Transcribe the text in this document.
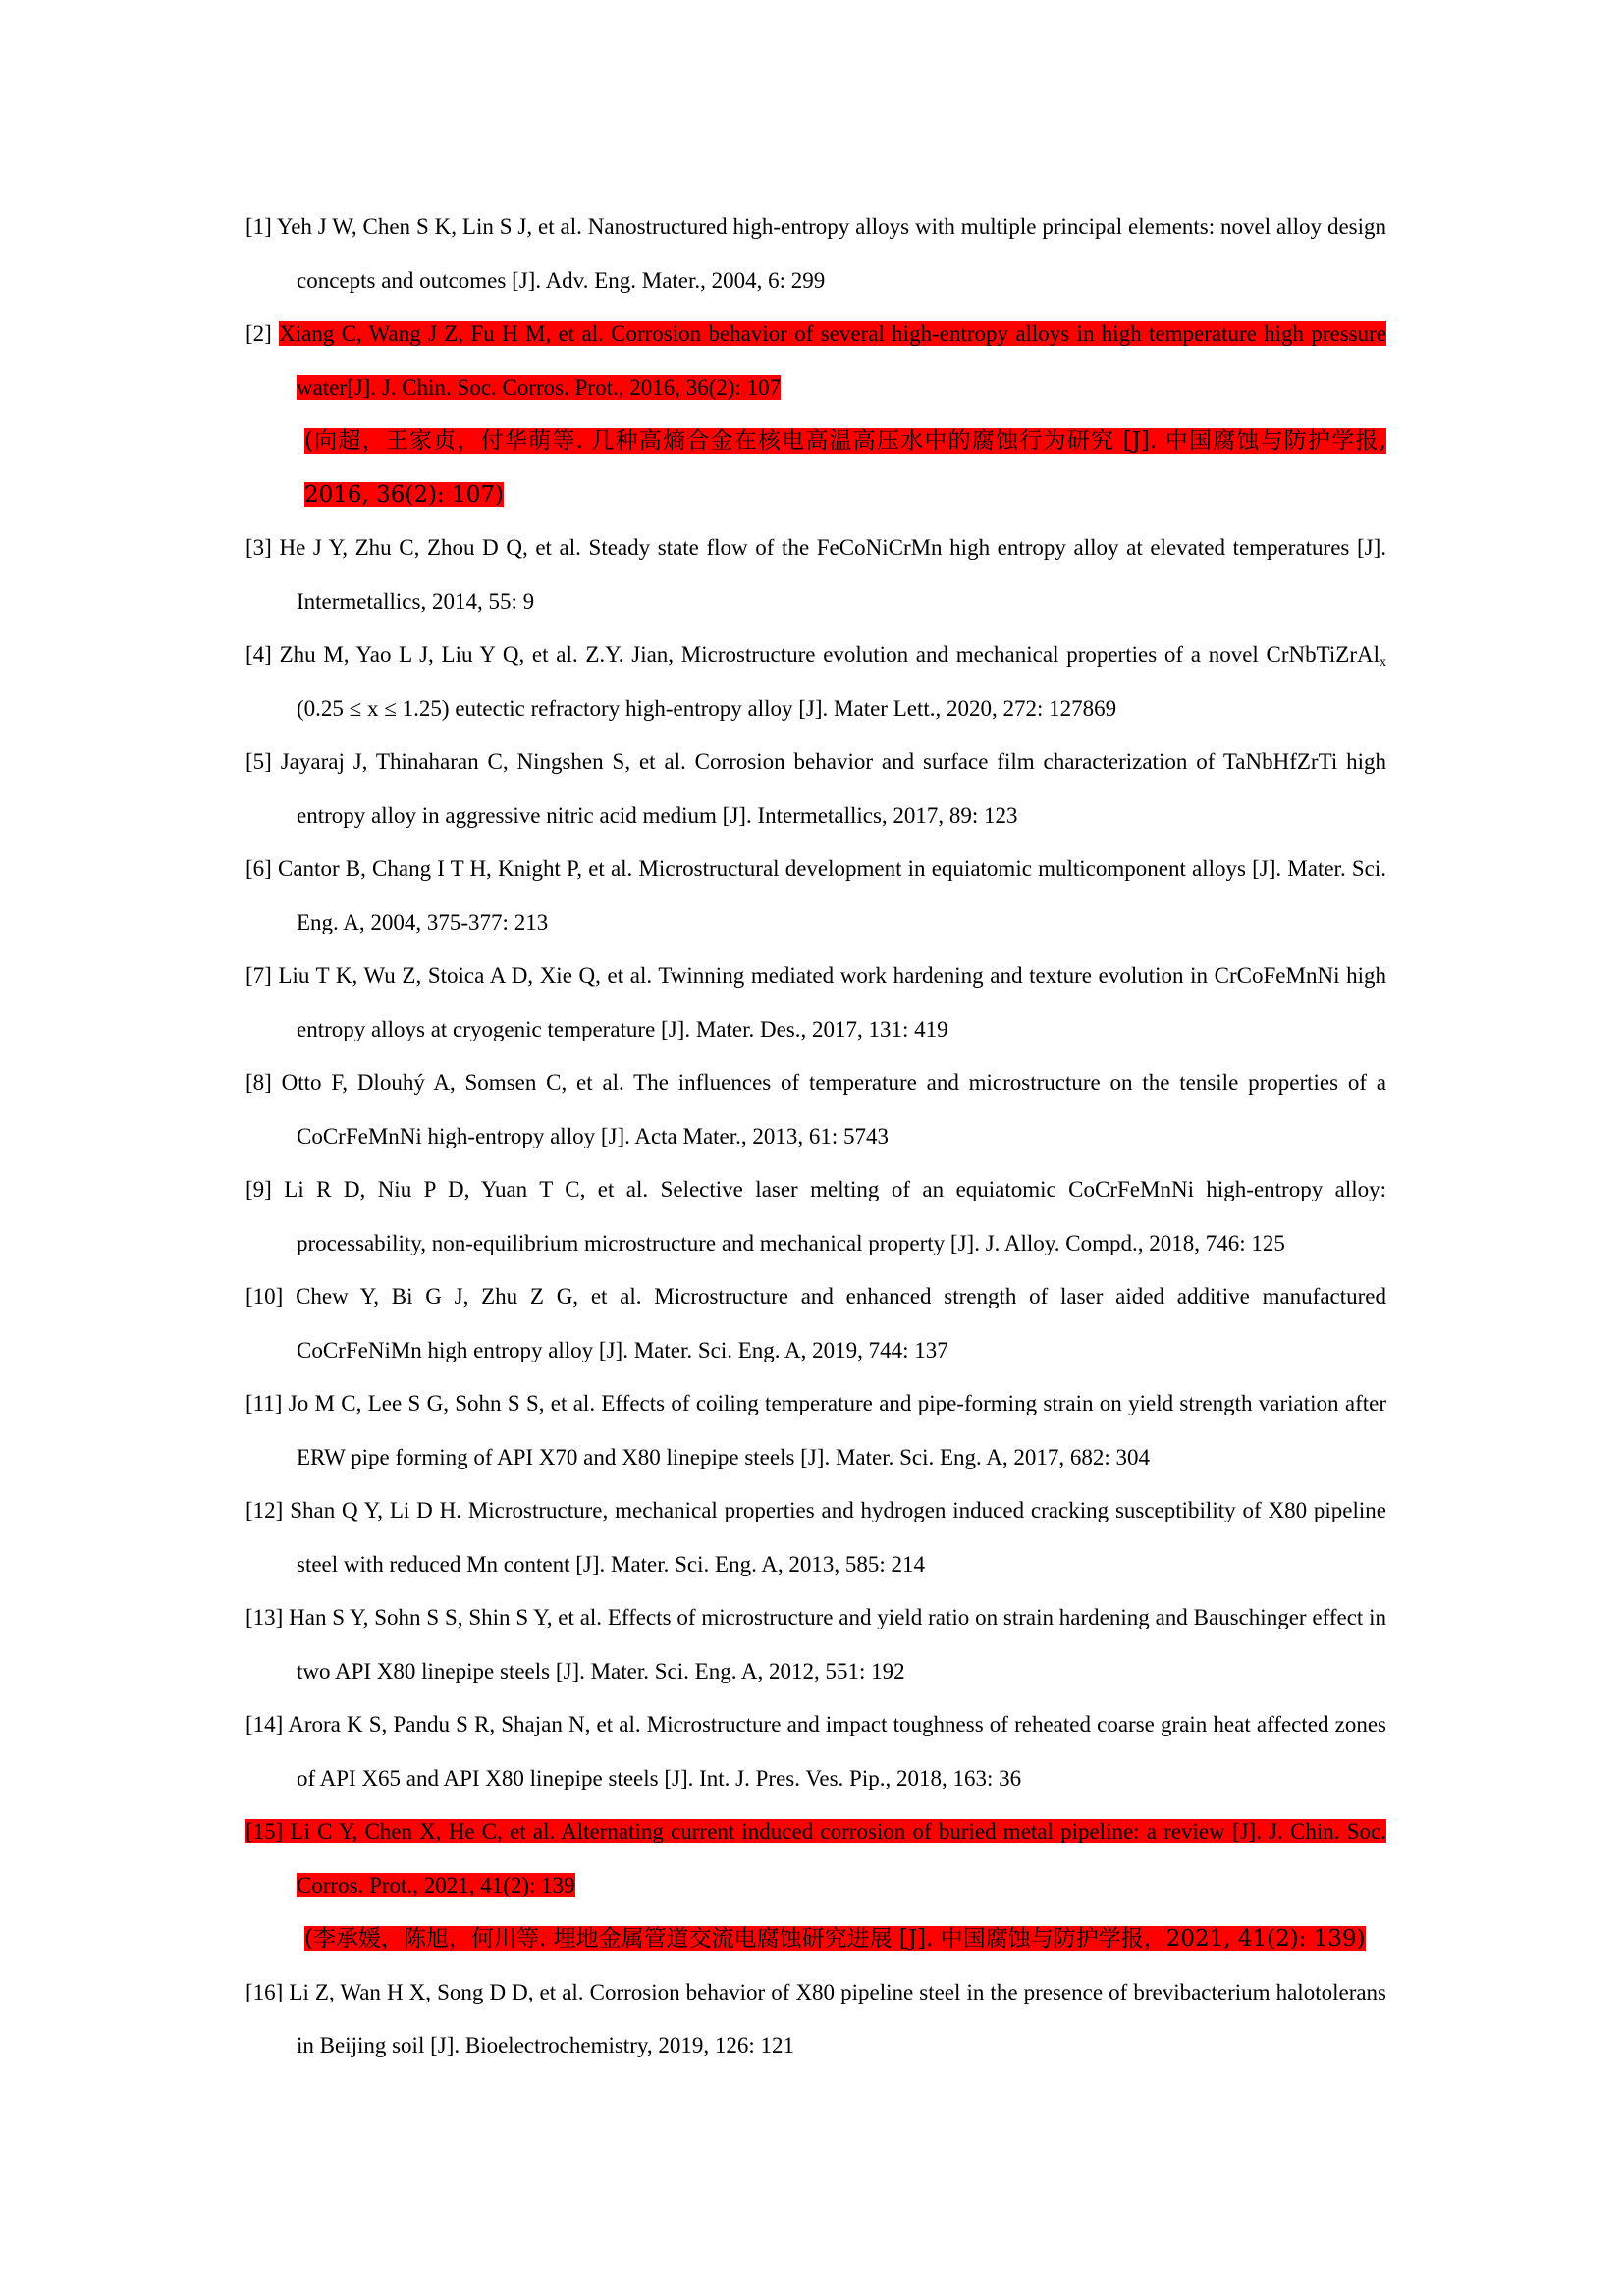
[1] Yeh J W, Chen S K, Lin S J, et al. Nanostructured high‐entropy alloys with multiple principal elements: novel alloy design concepts and outcomes [J]. Adv. Eng. Mater., 2004, 6: 299
[2] Xiang C, Wang J Z, Fu H M, et al. Corrosion behavior of several high-entropy alloys in high temperature high pressure water[J]. J. Chin. Soc. Corros. Prot., 2016, 36(2): 107
(向超，王家贞，付华萌等. 几种高熵合金在核电高温高压水中的腐蚀行为研究 [J]. 中国腐蚀与防护学报, 2016, 36(2): 107)
[3] He J Y, Zhu C, Zhou D Q, et al. Steady state flow of the FeCoNiCrMn high entropy alloy at elevated temperatures [J]. Intermetallics, 2014, 55: 9
[4] Zhu M, Yao L J, Liu Y Q, et al. Z.Y. Jian, Microstructure evolution and mechanical properties of a novel CrNbTiZrAl$_x$ (0.25 ≤ x ≤ 1.25) eutectic refractory high-entropy alloy [J]. Mater Lett., 2020, 272: 127869
[5] Jayaraj J, Thinaharan C, Ningshen S, et al. Corrosion behavior and surface film characterization of TaNbHfZrTi high entropy alloy in aggressive nitric acid medium [J]. Intermetallics, 2017, 89: 123
[6] Cantor B, Chang I T H, Knight P, et al. Microstructural development in equiatomic multicomponent alloys [J]. Mater. Sci. Eng. A, 2004, 375-377: 213
[7] Liu T K, Wu Z, Stoica A D, Xie Q, et al. Twinning mediated work hardening and texture evolution in CrCoFeMnNi high entropy alloys at cryogenic temperature [J]. Mater. Des., 2017, 131: 419
[8] Otto F, Dlouhý A, Somsen C, et al. The influences of temperature and microstructure on the tensile properties of a CoCrFeMnNi high-entropy alloy [J]. Acta Mater., 2013, 61: 5743
[9] Li R D, Niu P D, Yuan T C, et al. Selective laser melting of an equiatomic CoCrFeMnNi high-entropy alloy: processability, non-equilibrium microstructure and mechanical property [J]. J. Alloy. Compd., 2018, 746: 125
[10] Chew Y, Bi G J, Zhu Z G, et al. Microstructure and enhanced strength of laser aided additive manufactured CoCrFeNiMn high entropy alloy [J]. Mater. Sci. Eng. A, 2019, 744: 137
[11] Jo M C, Lee S G, Sohn S S, et al. Effects of coiling temperature and pipe-forming strain on yield strength variation after ERW pipe forming of API X70 and X80 linepipe steels [J]. Mater. Sci. Eng. A, 2017, 682: 304
[12] Shan Q Y, Li D H. Microstructure, mechanical properties and hydrogen induced cracking susceptibility of X80 pipeline steel with reduced Mn content [J]. Mater. Sci. Eng. A, 2013, 585: 214
[13] Han S Y, Sohn S S, Shin S Y, et al. Effects of microstructure and yield ratio on strain hardening and Bauschinger effect in two API X80 linepipe steels [J]. Mater. Sci. Eng. A, 2012, 551: 192
[14] Arora K S, Pandu S R, Shajan N, et al. Microstructure and impact toughness of reheated coarse grain heat affected zones of API X65 and API X80 linepipe steels [J]. Int. J. Pres. Ves. Pip., 2018, 163: 36
[15] Li C Y, Chen X, He C, et al. Alternating current induced corrosion of buried metal pipeline: a review [J]. J. Chin. Soc. Corros. Prot., 2021, 41(2): 139
(李承媛，陈旭，何川等. 埋地金属管道交流电腐蚀研究进展 [J]. 中国腐蚀与防护学报，2021, 41(2): 139)
[16] Li Z, Wan H X, Song D D, et al. Corrosion behavior of X80 pipeline steel in the presence of brevibacterium halotolerans in Beijing soil [J]. Bioelectrochemistry, 2019, 126: 121
